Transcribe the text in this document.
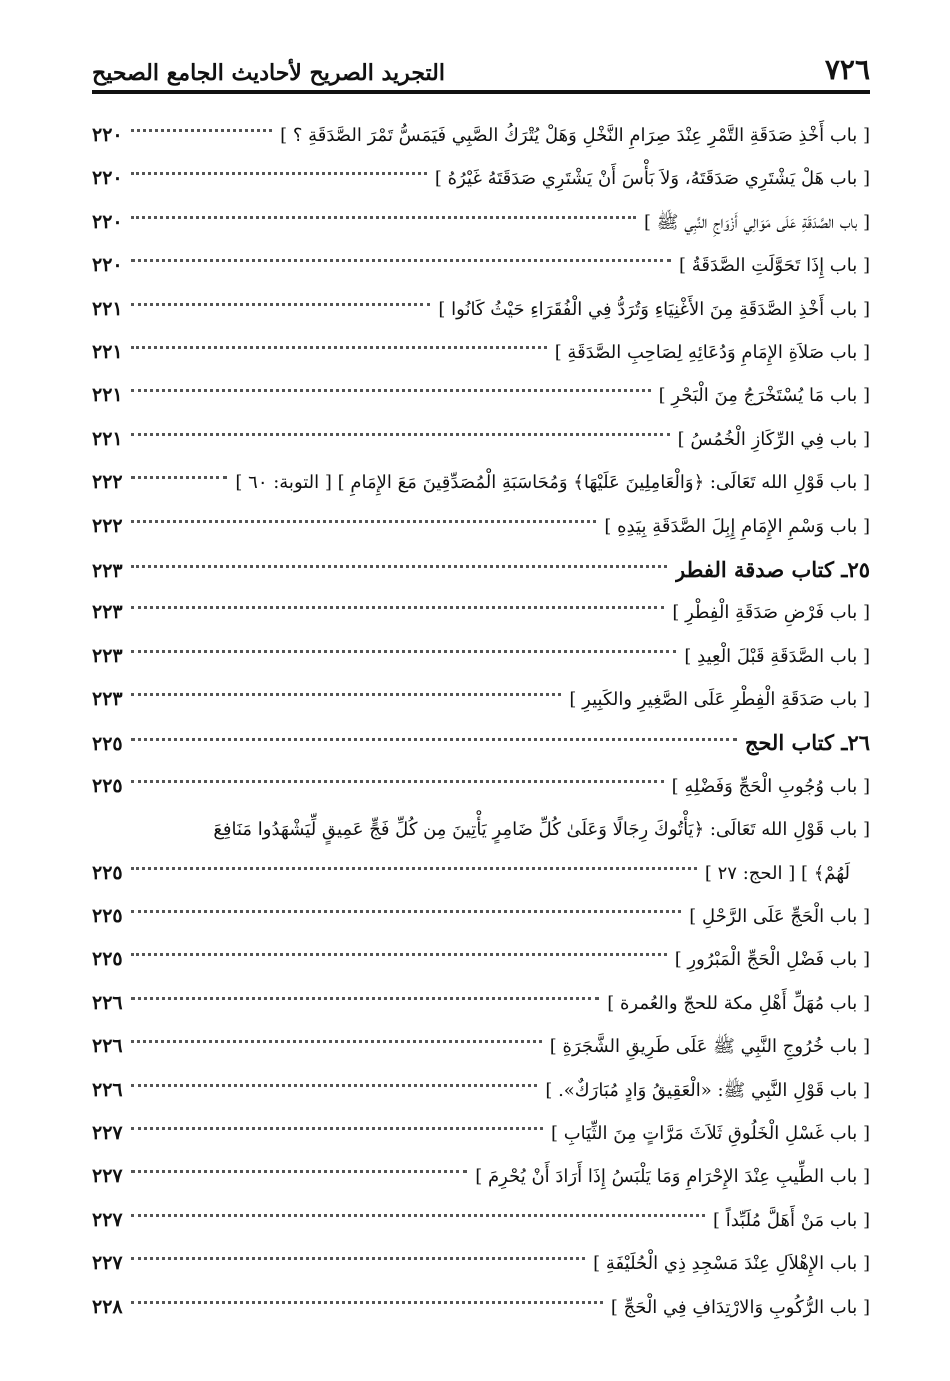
٧٢٦
التجريد الصريح لأحاديث الجامع الصحيح
[ باب أَخْذِ صَدَقَةِ التَّمْرِ عِنْدَ صِرَامِ النَّخْلِ وَهَلْ يُتْرَكُ الصَّبِي فَيَمَسُّ تَمْرَ الصَّدَقَةِ ؟ ]
٢٢٠
[ باب هَلْ يَشْتَرِي صَدَقَتَهُ، وَلاَ بَأْسَ أَنْ يَشْتَرِي صَدَقَتَهُ غَيْرُهُ ]
٢٢٠
[ باب الصَّدَقَةِ عَلَى مَوَالِي أَزْوَاجِ النَّبِي ﷺ ]
٢٢٠
[ باب إِذَا تَحَوَّلَتِ الصَّدَقَةُ ]
٢٢٠
[ باب أَخْذِ الصَّدَقَةِ مِنَ الأَغْنِيَاءِ وَتُرَدُّ فِي الْفُقَرَاءِ حَيْثُ كَانُوا ]
٢٢١
[ باب صَلاَةِ الإِمَامِ وَدُعَائِهِ لِصَاحِبِ الصَّدَقَةِ ]
٢٢١
[ باب مَا يُسْتَخْرَجُ مِنَ الْبَحْرِ ]
٢٢١
[ باب فِي الرِّكَازِ الْخُمُسُ ]
٢٢١
[ باب قَوْلِ الله تَعَالَى: ﴿وَالْعَامِلِينَ عَلَيْهَا﴾ وَمُحَاسَبَةِ الْمُصَدِّقِينَ مَعَ الإِمَامِ ] [ التوبة: ٦٠ ]
٢٢٢
[ باب وَسْمِ الإِمَامِ إِبِلَ الصَّدَقَةِ بِيَدِهِ ]
٢٢٢
٢٥ـ كتاب صدقة الفطر
٢٢٣
[ باب فَرْضِ صَدَقَةِ الْفِطْرِ ]
٢٢٣
[ باب الصَّدَقَةِ قَبْلَ الْعِيدِ ]
٢٢٣
[ باب صَدَقَةِ الْفِطْرِ عَلَى الصَّغِيرِ والكَبِيرِ ]
٢٢٣
٢٦ـ كتاب الحج
٢٢٥
[ باب وُجُوبِ الْحَجِّ وَفَضْلِهِ ]
٢٢٥
[ باب قَوْلِ الله تَعَالَى: ﴿يَأْتُوكَ رِجَالًا وَعَلَىٰ كُلِّ ضَامِرٍ يَأْتِينَ مِن كُلِّ فَجٍّ عَمِيقٍ لِّيَشْهَدُوا مَنَافِعَ
لَهُمْ﴾ ] [ الحج: ٢٧ ]
٢٢٥
[ باب الْحَجِّ عَلَى الرَّحْلِ ]
٢٢٥
[ باب فَضْلِ الْحَجِّ الْمَبْرُورِ ]
٢٢٥
[ باب مُهَلِّ أَهْلِ مكة للحجّ والعُمرة ]
٢٢٦
[ باب خُرُوجِ النَّبِي ﷺ عَلَى طَرِيقِ الشَّجَرَةِ ]
٢٢٦
[ باب قَوْلِ النَّبِي ﷺ: «الْعَقِيقُ وَادٍ مُبَارَكٌ». ]
٢٢٦
[ باب غَسْلِ الْخَلُوقِ ثَلاَثَ مَرَّاتٍ مِنَ الثِّيَابِ ]
٢٢٧
[ باب الطِّيبِ عِنْدَ الإِحْرَامِ وَمَا يَلْبَسُ إِذَا أَرَادَ أَنْ يُحْرِمَ ]
٢٢٧
[ باب مَنْ أَهَلَّ مُلَبِّداً ]
٢٢٧
[ باب الإِهْلاَلِ عِنْدَ مَسْجِدِ ذِي الْحُلَيْفَةِ ]
٢٢٧
[ باب الرُّكُوبِ وَالارْتِدَافِ فِي الْحَجِّ ]
٢٢٨
